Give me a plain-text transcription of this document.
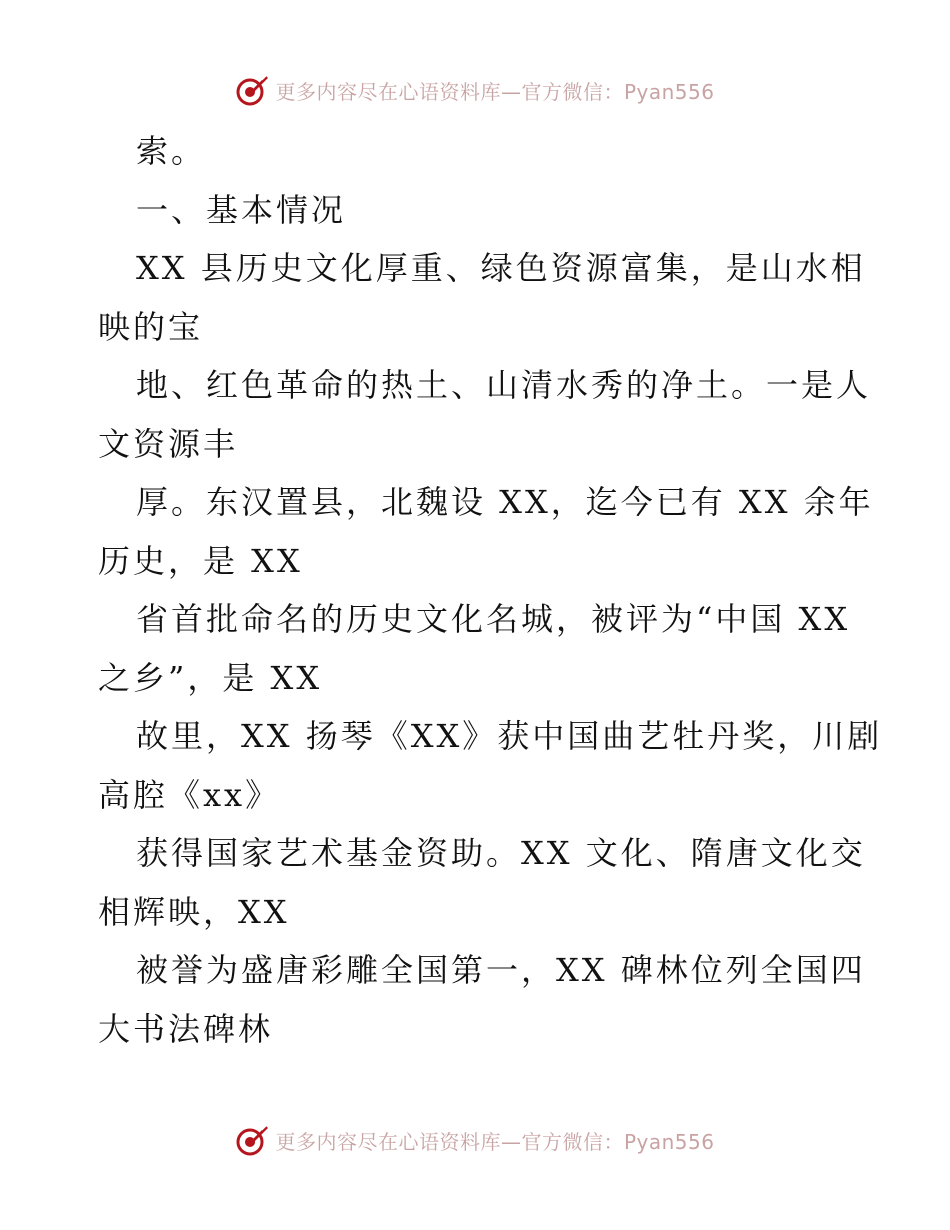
更多内容尽在心语资料库—官方微信：Pyan556

索。

一、基本情况

XX 县历史文化厚重、绿色资源富集，是山水相
映的宝

地、红色革命的热土、山清水秀的净土。一是人
文资源丰

厚。东汉置县，北魏设 XX，迄今已有 XX 余年
历史，是 XX

省首批命名的历史文化名城，被评为“中国 XX
之乡”，是 XX

故里，XX 扬琴《XX》获中国曲艺牡丹奖，川剧
高腔《xx》

获得国家艺术基金资助。XX 文化、隋唐文化交
相辉映，XX

被誉为盛唐彩雕全国第一，XX 碑林位列全国四
大书法碑林

更多内容尽在心语资料库—官方微信：Pyan556
